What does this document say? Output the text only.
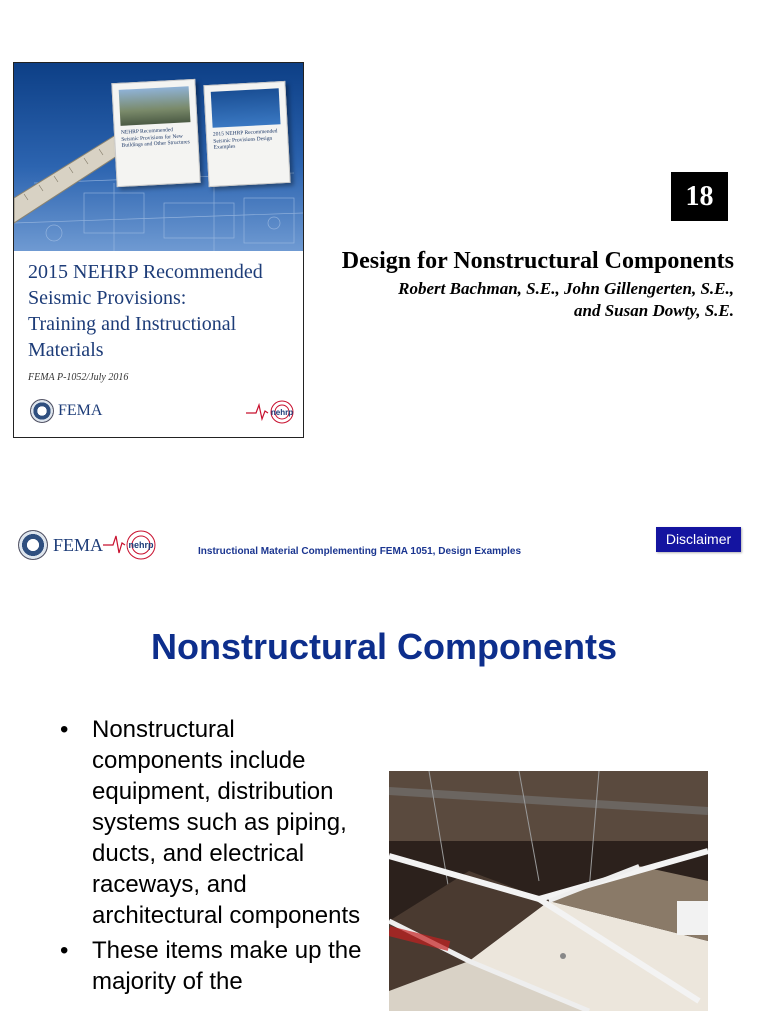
NEHRP Recommended Seismic Provisions for New Buildings and Other Structures
2015 NEHRP Recommended Seismic Provisions Design Examples
2015 NEHRP Recommended
Seismic Provisions:
Training and Instructional
Materials
FEMA P-1052/July 2016
FEMA	nehrp
18
Design for Nonstructural Components
Robert Bachman, S.E., John Gillengerten, S.E.,
and Susan Dowty, S.E.
FEMA	nehrp
Instructional Material Complementing FEMA 1051, Design Examples
Disclaimer
Nonstructural Components
• Nonstructural components include equipment, distribution systems such as piping, ducts, and electrical raceways, and architectural components
• These items make up the majority of the
